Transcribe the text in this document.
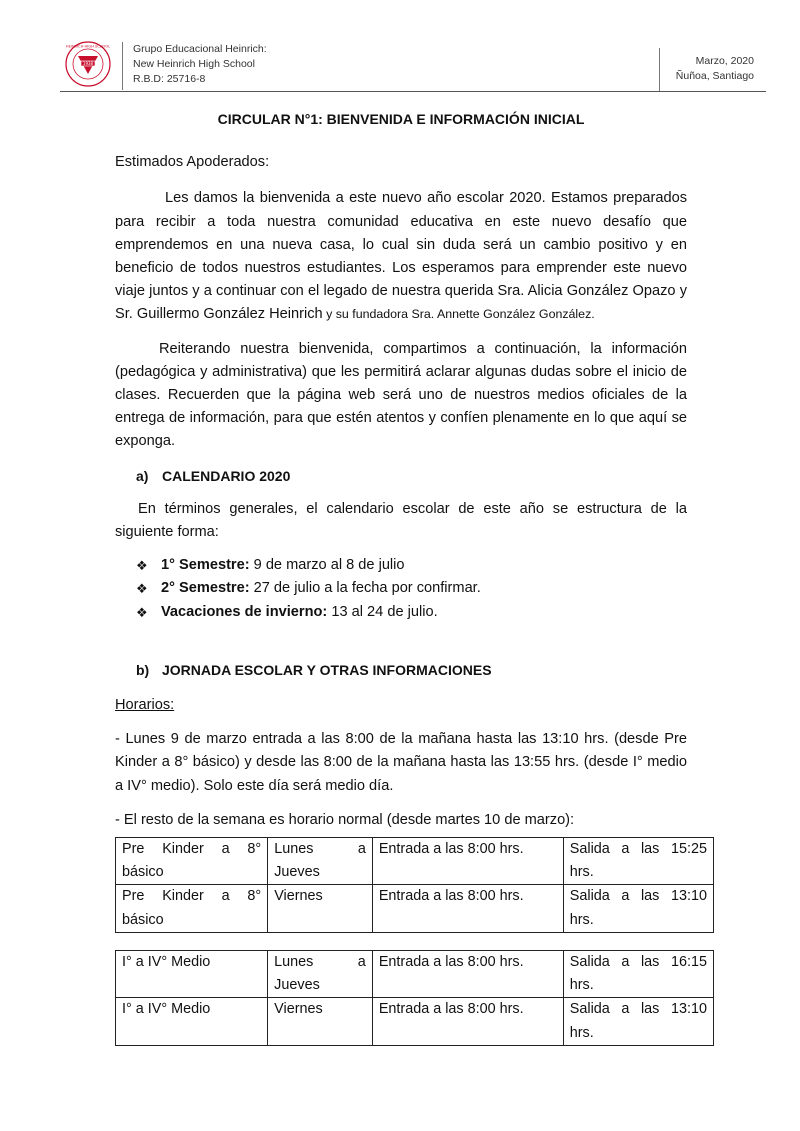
1938
HEINRICH HIGH SCHOOL Grupo Educacional Heinrich:
New Heinrich High School
R.B.D: 25716-8
Marzo, 2020
Ñuñoa, Santiago

CIRCULAR N°1: BIENVENIDA E INFORMACIÓN INICIAL

Estimados Apoderados:

Les damos la bienvenida a este nuevo año escolar 2020. Estamos preparados para recibir a toda nuestra comunidad educativa en este nuevo desafío que emprendemos en una nueva casa, lo cual sin duda será un cambio positivo y en beneficio de todos nuestros estudiantes. Los esperamos para emprender este nuevo viaje juntos y a continuar con el legado de nuestra querida Sra. Alicia González Opazo y Sr. Guillermo González Heinrich y su fundadora Sra. Annette González González.

Reiterando nuestra bienvenida, compartimos a continuación, la información (pedagógica y administrativa) que les permitirá aclarar algunas dudas sobre el inicio de clases. Recuerden que la página web será uno de nuestros medios oficiales de la entrega de información, para que estén atentos y confíen plenamente en lo que aquí se exponga.

a) CALENDARIO 2020

En términos generales, el calendario escolar de este año se estructura de la siguiente forma:

❖ 1° Semestre: 9 de marzo al 8 de julio
❖ 2° Semestre: 27 de julio a la fecha por confirmar.
❖ Vacaciones de invierno: 13 al 24 de julio.
b) JORNADA ESCOLAR Y OTRAS INFORMACIONES

Horarios:

- Lunes 9 de marzo entrada a las 8:00 de la mañana hasta las 13:10 hrs. (desde Pre Kinder a 8° básico) y desde las 8:00 de la mañana hasta las 13:55 hrs. (desde I° medio a IV° medio). Solo este día será medio día.

- El resto de la semana es horario normal (desde martes 10 de marzo):

Pre Kinder a 8°
básico	Lunes a
Jueves	Entrada a las 8:00 hrs.	Salida a las 15:25
hrs.

Pre Kinder a 8°
básico	Viernes	Entrada a las 8:00 hrs.	Salida a las 13:10
hrs.
I° a IV° Medio	Lunes a
Jueves	Entrada a las 8:00 hrs.	Salida a las 16:15
hrs.
I° a IV° Medio	Viernes	Entrada a las 8:00 hrs.	Salida a las 13:10
hrs.
